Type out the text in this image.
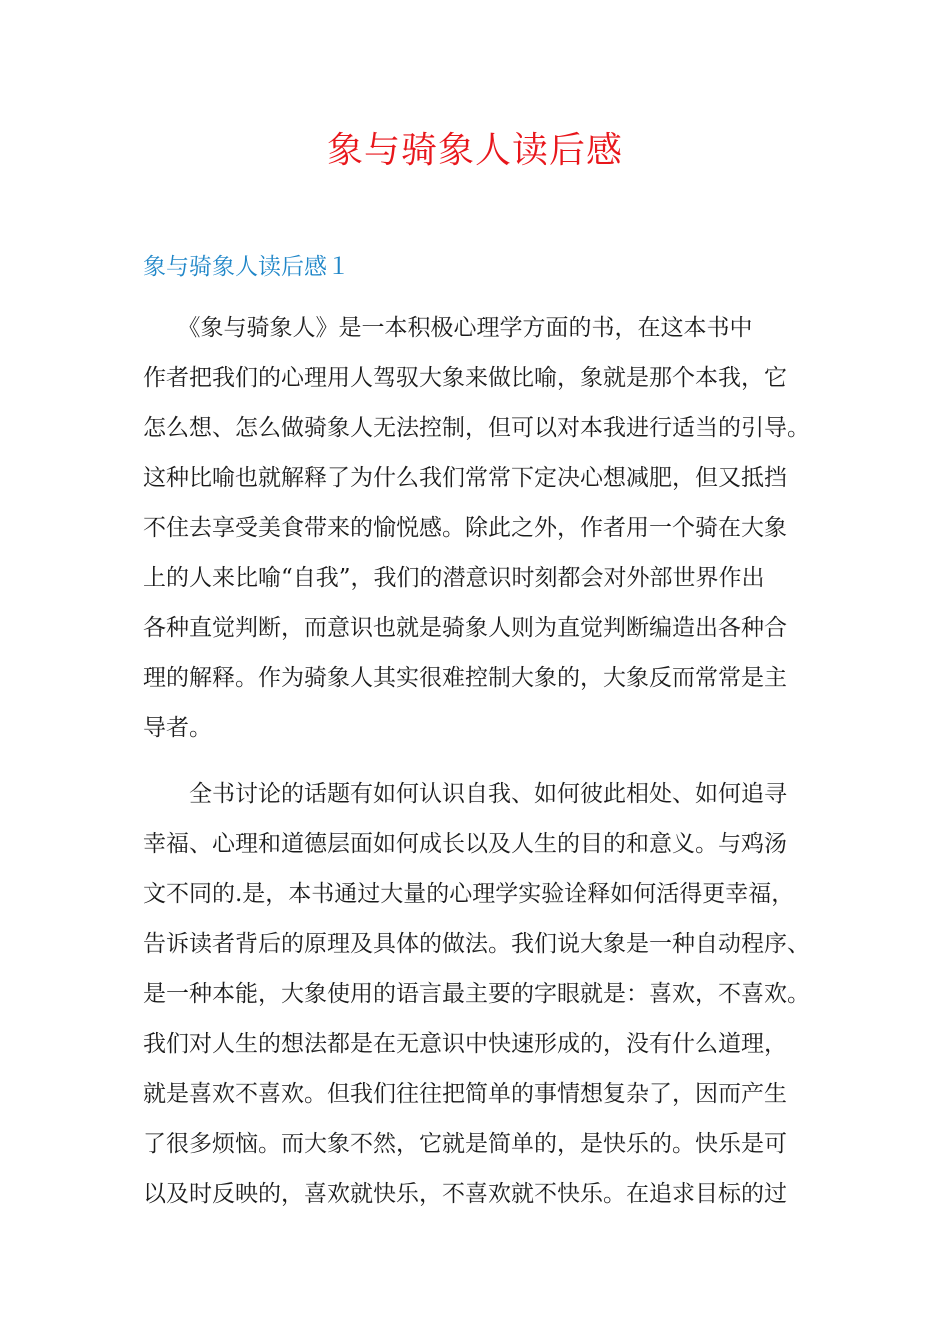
象与骑象人读后感
象与骑象人读后感１

　　《象与骑象人》是一本积极心理学方面的书，在这本书中
作者把我们的心理用人驾驭大象来做比喻，象就是那个本我，它
怎么想、怎么做骑象人无法控制，但可以对本我进行适当的引导。
这种比喻也就解释了为什么我们常常下定决心想减肥，但又抵挡
不住去享受美食带来的愉悦感。除此之外，作者用一个骑在大象
上的人来比喻“自我”，我们的潜意识时刻都会对外部世界作出
各种直觉判断，而意识也就是骑象人则为直觉判断编造出各种合
理的解释。作为骑象人其实很难控制大象的，大象反而常常是主
导者。

　　全书讨论的话题有如何认识自我、如何彼此相处、如何追寻
幸福、心理和道德层面如何成长以及人生的目的和意义。与鸡汤
文不同的.是，本书通过大量的心理学实验诠释如何活得更幸福，
告诉读者背后的原理及具体的做法。我们说大象是一种自动程序、
是一种本能，大象使用的语言最主要的字眼就是：喜欢，不喜欢。
我们对人生的想法都是在无意识中快速形成的，没有什么道理，
就是喜欢不喜欢。但我们往往把简单的事情想复杂了，因而产生
了很多烦恼。而大象不然，它就是简单的，是快乐的。快乐是可
以及时反映的，喜欢就快乐，不喜欢就不快乐。在追求目标的过
